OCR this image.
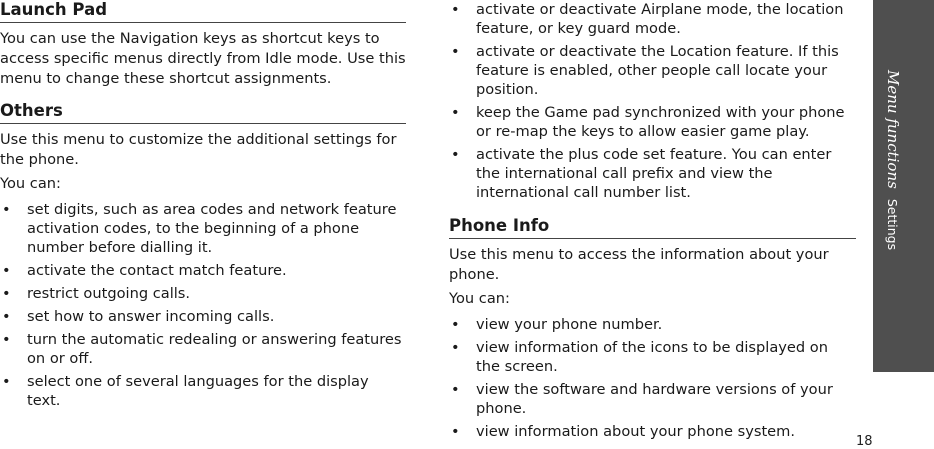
Launch Pad

You can use the Navigation keys as shortcut keys to access specific menus directly from Idle mode. Use this menu to change these shortcut assignments.

Others

Use this menu to customize the additional settings for the phone.

You can:

• set digits, such as area codes and network feature activation codes, to the beginning of a phone number before dialling it.
• activate the contact match feature.
• restrict outgoing calls.
• set how to answer incoming calls.
• turn the automatic redealing or answering features on or off.
• select one of several languages for the display text.
• activate or deactivate Airplane mode, the location feature, or key guard mode.
• activate or deactivate the Location feature. If this feature is enabled, other people call locate your position.
• keep the Game pad synchronized with your phone or re-map the keys to allow easier game play.
• activate the plus code set feature. You can enter the international call prefix and view the international call number list.
Phone Info

Use this menu to access the information about your phone.

You can:

• view your phone number.
• view information of the icons to be displayed on the screen.
• view the software and hardware versions of your phone.
• view information about your phone system.
Menu functionsSettings
18
